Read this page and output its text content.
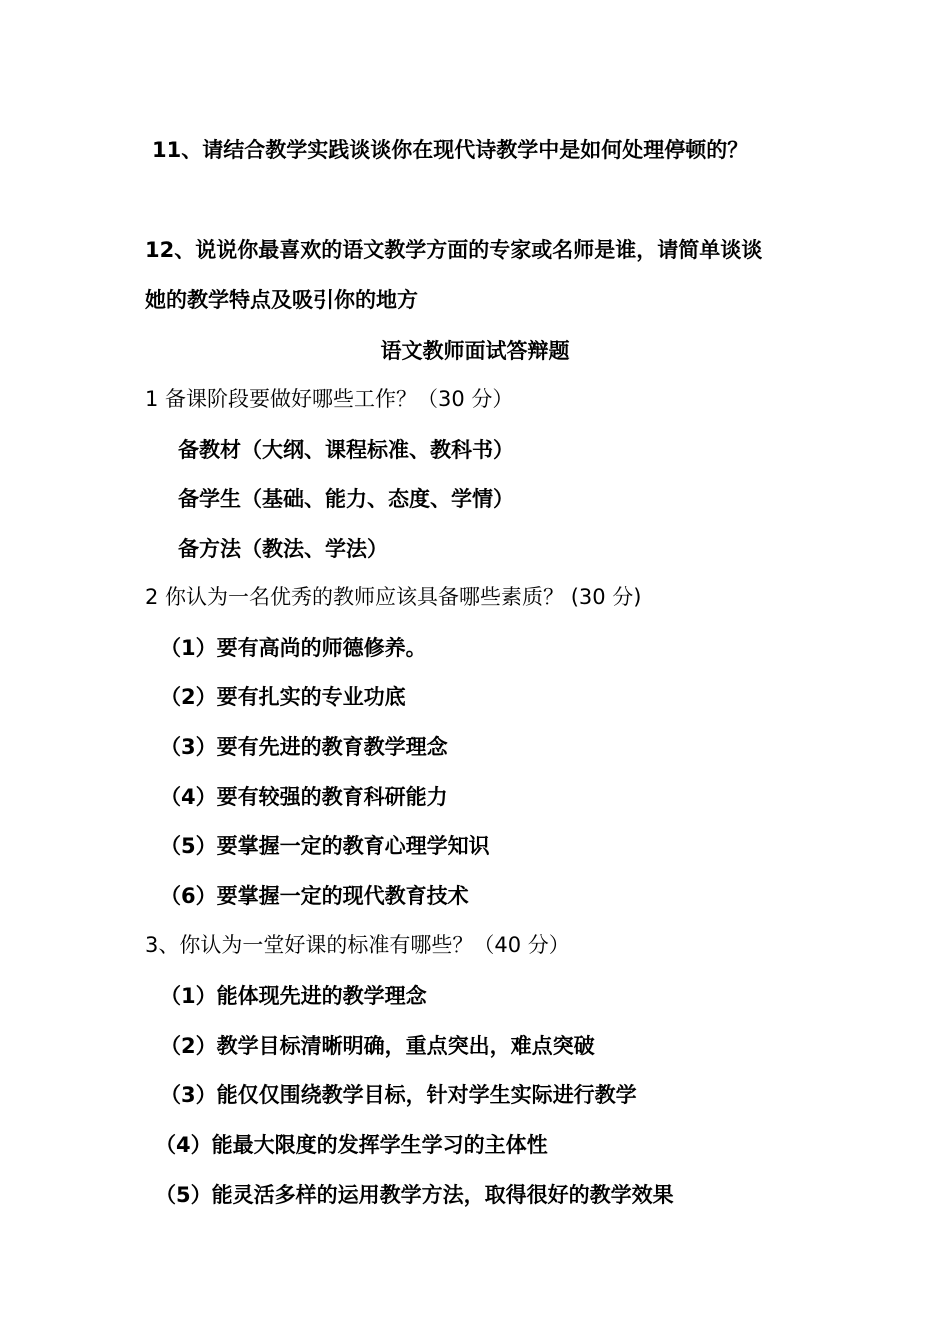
11、请结合教学实践谈谈你在现代诗教学中是如何处理停顿的？
12、说说你最喜欢的语文教学方面的专家或名师是谁，请简单谈谈
她的教学特点及吸引你的地方
语文教师面试答辩题
1 备课阶段要做好哪些工作？（30 分）
备教材（大纲、课程标准、教科书）
备学生（基础、能力、态度、学情）
备方法（教法、学法）
2 你认为一名优秀的教师应该具备哪些素质？ (30 分)
（1）要有高尚的师德修养。
（2）要有扎实的专业功底
（3）要有先进的教育教学理念
（4）要有较强的教育科研能力
（5）要掌握一定的教育心理学知识
（6）要掌握一定的现代教育技术
3、你认为一堂好课的标准有哪些？（40 分）
（1）能体现先进的教学理念
（2）教学目标清晰明确，重点突出，难点突破
（3）能仅仅围绕教学目标，针对学生实际进行教学
（4）能最大限度的发挥学生学习的主体性
（5）能灵活多样的运用教学方法，取得很好的教学效果
